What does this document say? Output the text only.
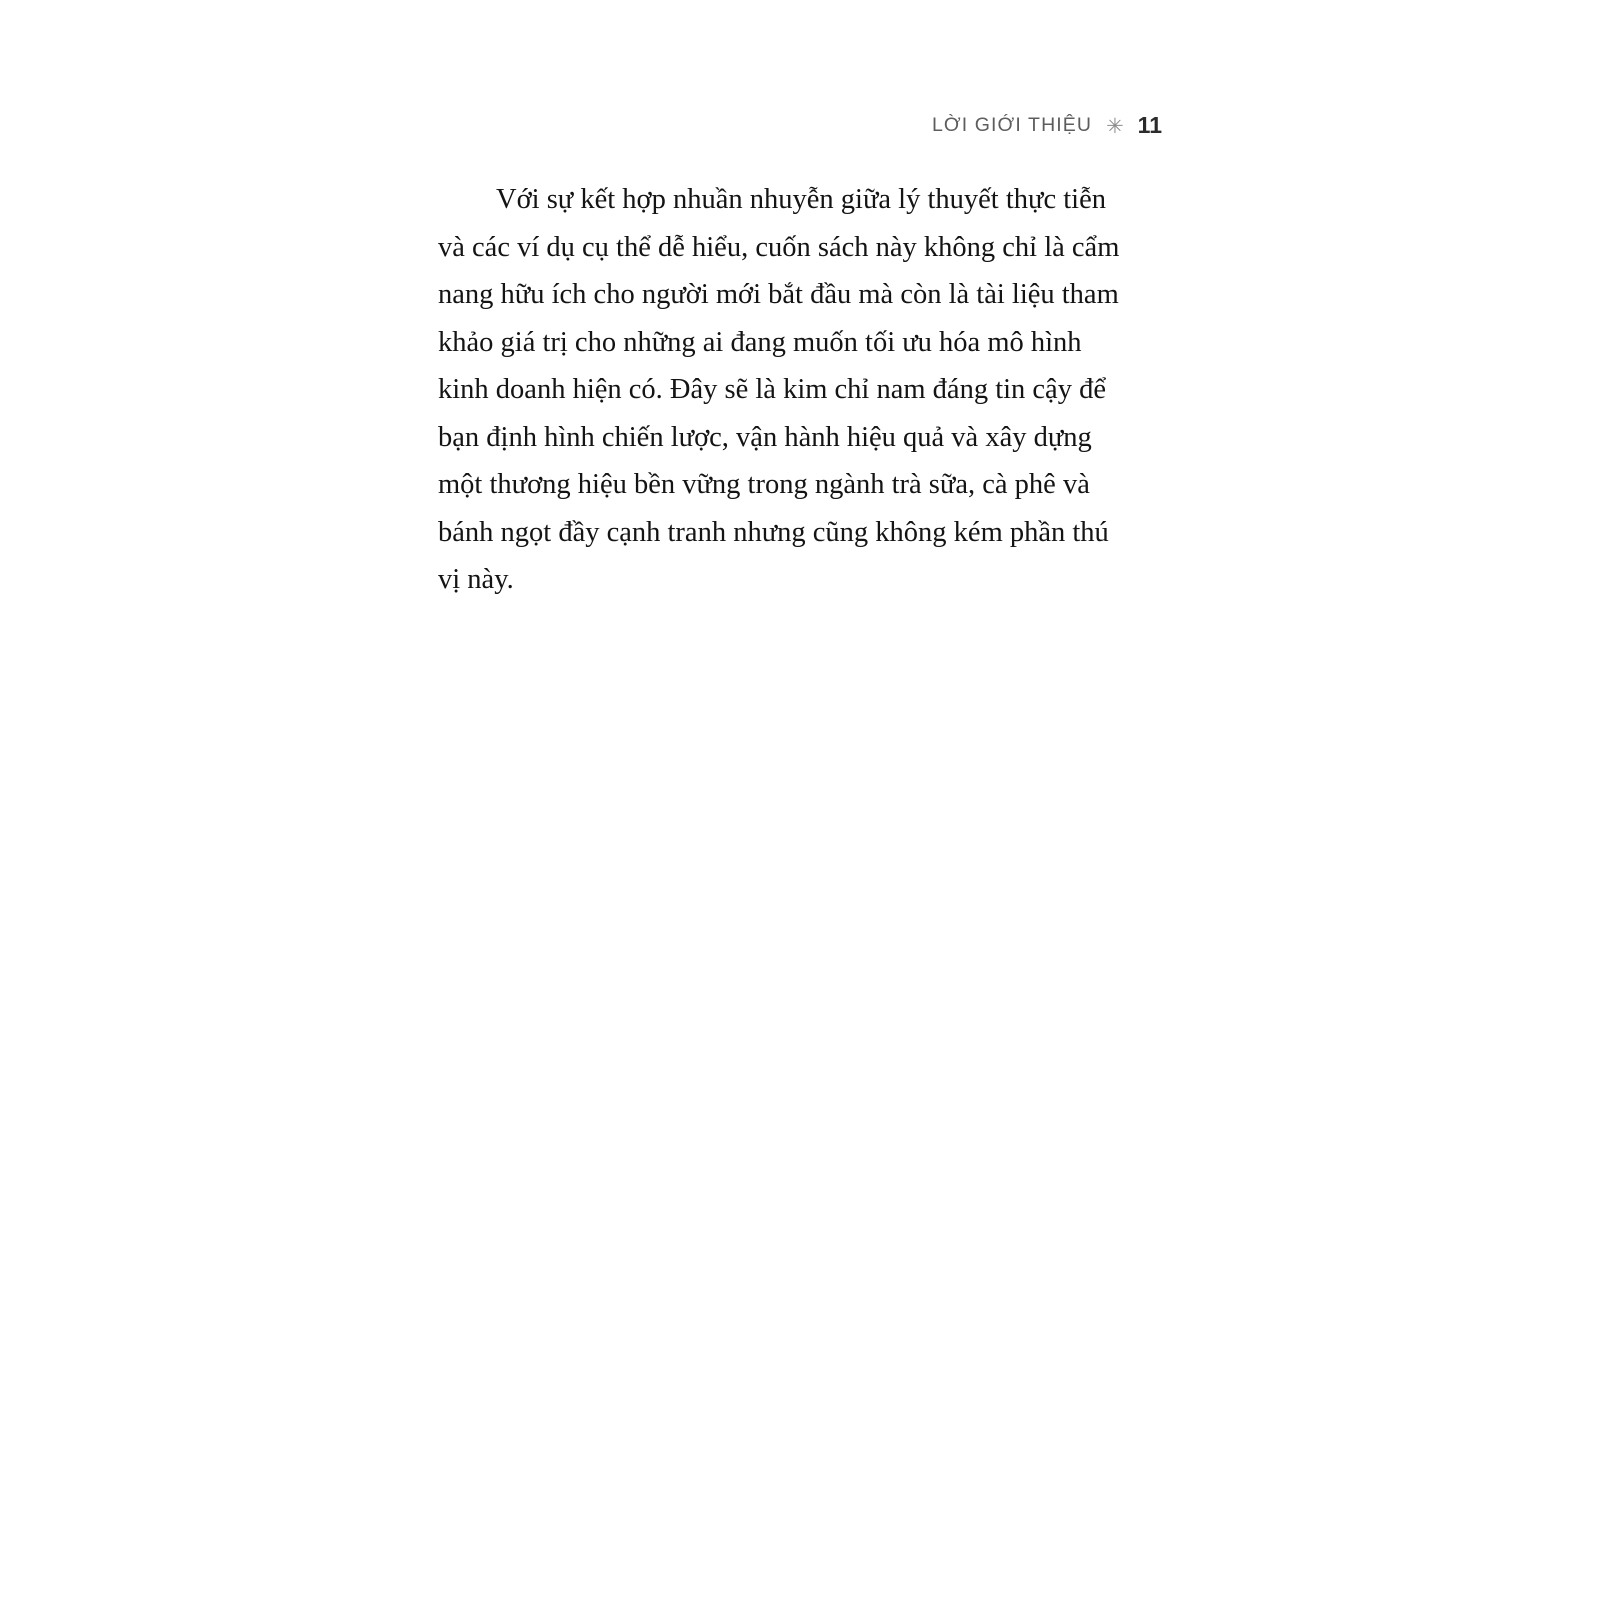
LỜI GIỚI THIỆU ✳ 11

Với sự kết hợp nhuần nhuyễn giữa lý thuyết thực tiễn và các ví dụ cụ thể dễ hiểu, cuốn sách này không chỉ là cẩm nang hữu ích cho người mới bắt đầu mà còn là tài liệu tham khảo giá trị cho những ai đang muốn tối ưu hóa mô hình kinh doanh hiện có. Đây sẽ là kim chỉ nam đáng tin cậy để bạn định hình chiến lược, vận hành hiệu quả và xây dựng một thương hiệu bền vững trong ngành trà sữa, cà phê và bánh ngọt đầy cạnh tranh nhưng cũng không kém phần thú vị này.
